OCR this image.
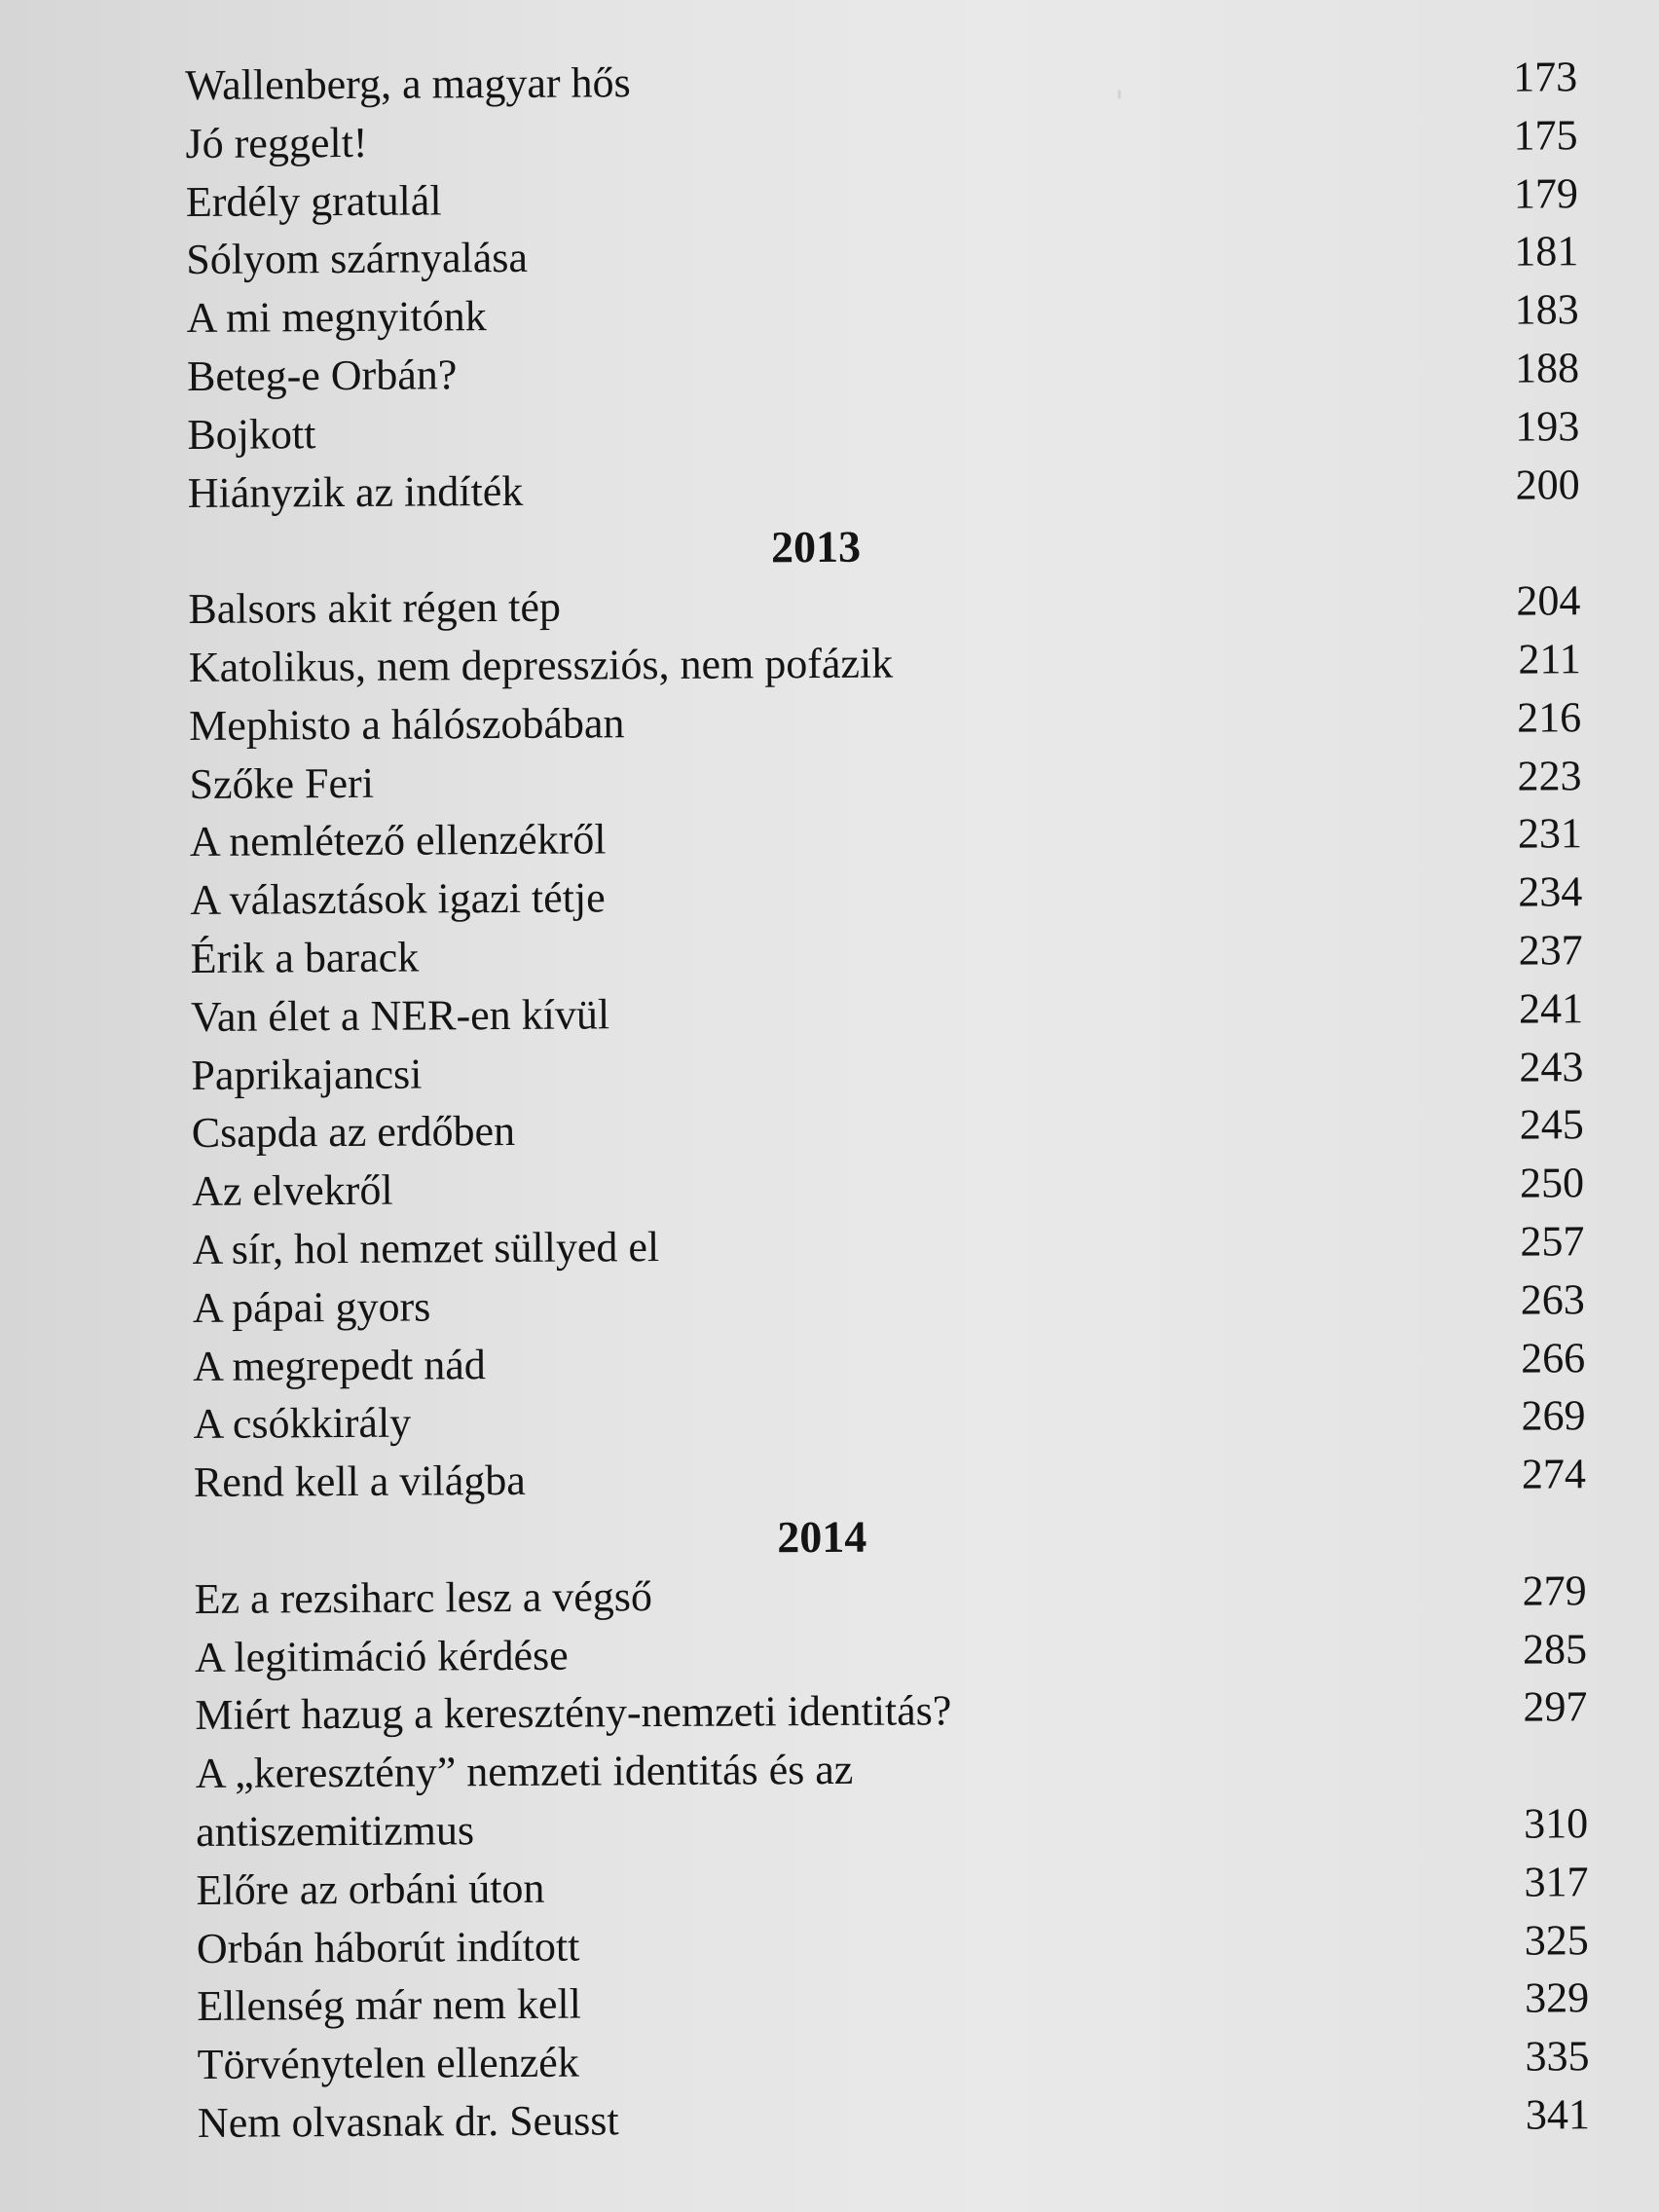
ˌ
Wallenberg, a magyar hős	173
Jó reggelt!	175
Erdély gratulál	179
Sólyom szárnyalása	181
A mi megnyitónk	183
Beteg-e Orbán?	188
Bojkott	193
Hiányzik az indíték	200
2013
Balsors akit régen tép	204
Katolikus, nem depressziós, nem pofázik	211
Mephisto a hálószobában	216
Szőke Feri	223
A nemlétező ellenzékről	231
A választások igazi tétje	234
Érik a barack	237
Van élet a NER-en kívül	241
Paprikajancsi	243
Csapda az erdőben	245
Az elvekről	250
A sír, hol nemzet süllyed el	257
A pápai gyors	263
A megrepedt nád	266
A csókkirály	269
Rend kell a világba	274
2014
Ez a rezsiharc lesz a végső	279
A legitimáció kérdése	285
Miért hazug a keresztény-nemzeti identitás?	297
A „keresztény” nemzeti identitás és az antiszemitizmus	310
Előre az orbáni úton	317
Orbán háborút indított	325
Ellenség már nem kell	329
Törvénytelen ellenzék	335
Nem olvasnak dr. Seusst	341
